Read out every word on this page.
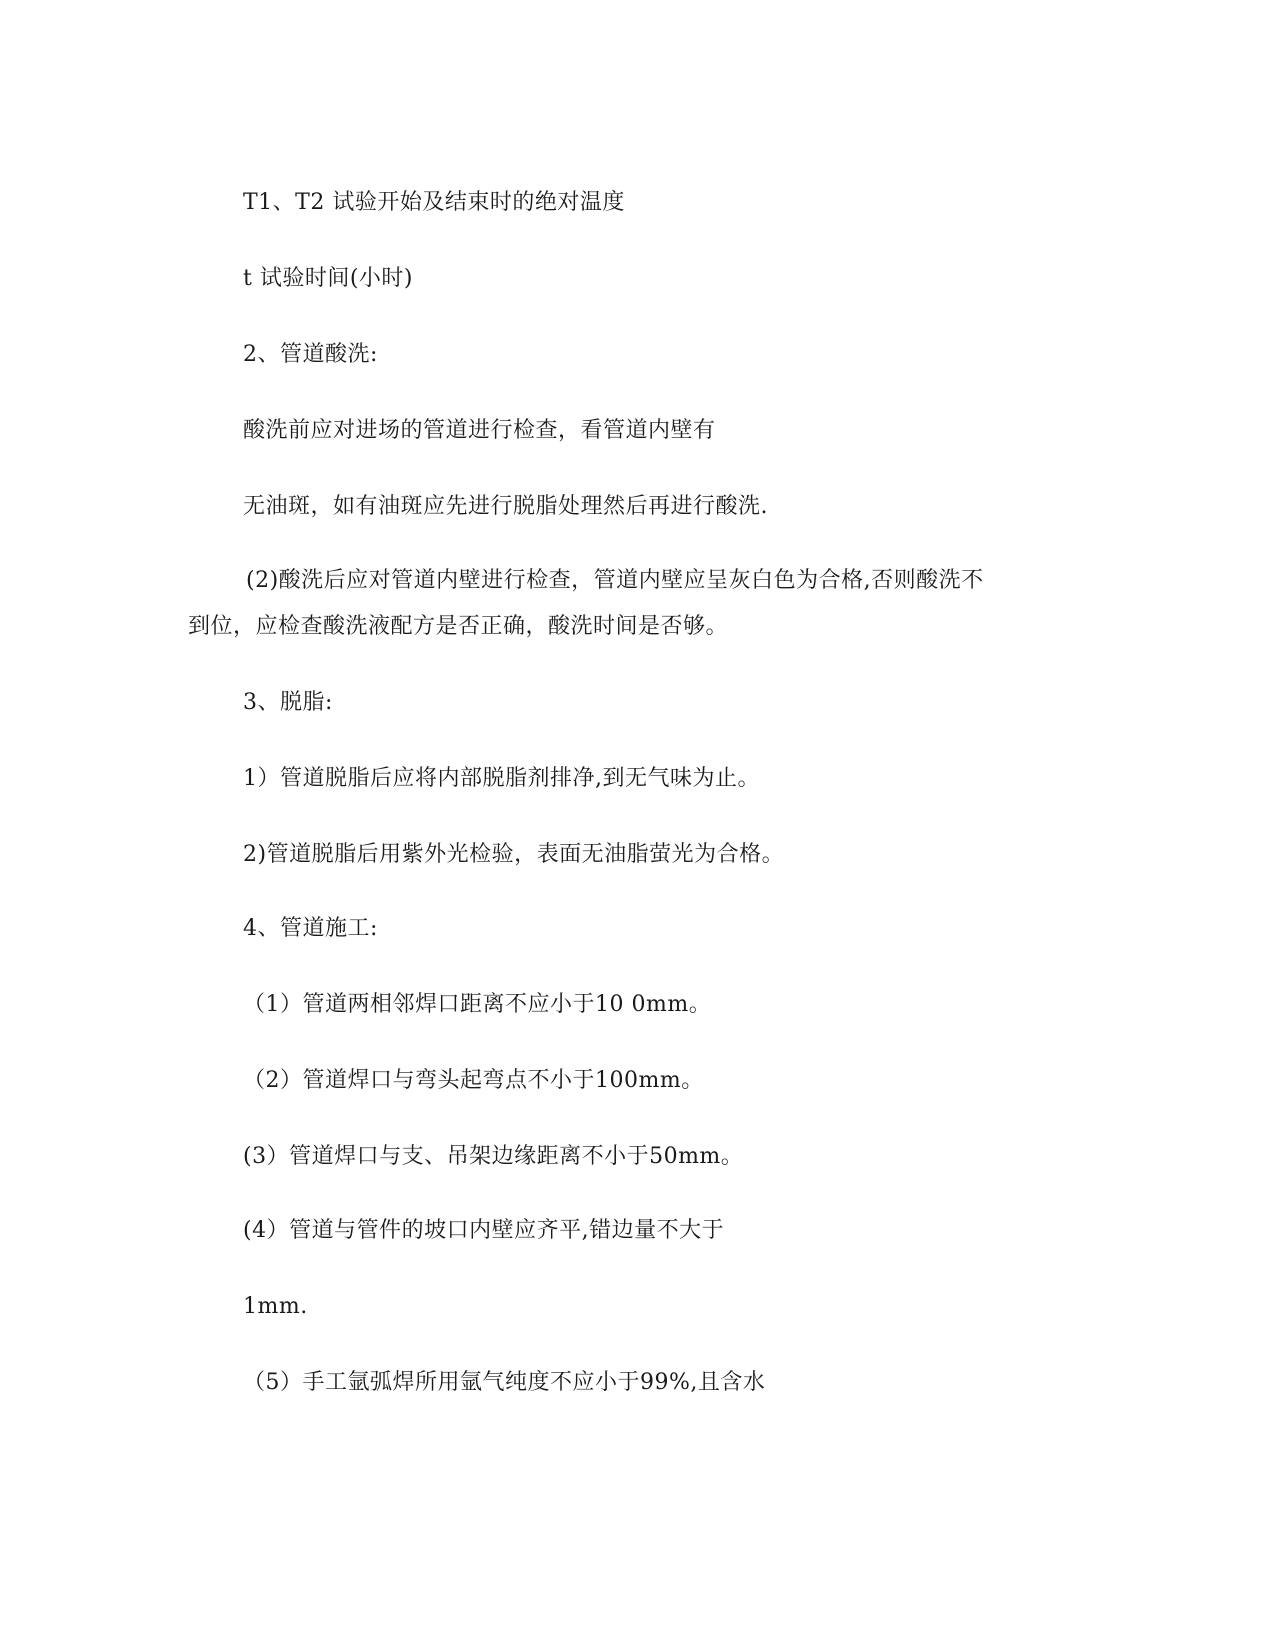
T1、T2 试验开始及结束时的绝对温度
t 试验时间(小时)
2、管道酸洗:
酸洗前应对进场的管道进行检查，看管道内壁有
无油斑，如有油斑应先进行脱脂处理然后再进行酸洗.
(2)酸洗后应对管道内壁进行检查，管道内壁应呈灰白色为合格,否则酸洗不
到位，应检查酸洗液配方是否正确，酸洗时间是否够。
3、脱脂:
1）管道脱脂后应将内部脱脂剂排净,到无气味为止。
2)管道脱脂后用紫外光检验，表面无油脂萤光为合格。
4、管道施工:
（1）管道两相邻焊口距离不应小于10 0mm。
（2）管道焊口与弯头起弯点不小于100mm。
(3）管道焊口与支、吊架边缘距离不小于50mm。
(4）管道与管件的坡口内壁应齐平,错边量不大于
1mm.
（5）手工氩弧焊所用氩气纯度不应小于99%,且含水
